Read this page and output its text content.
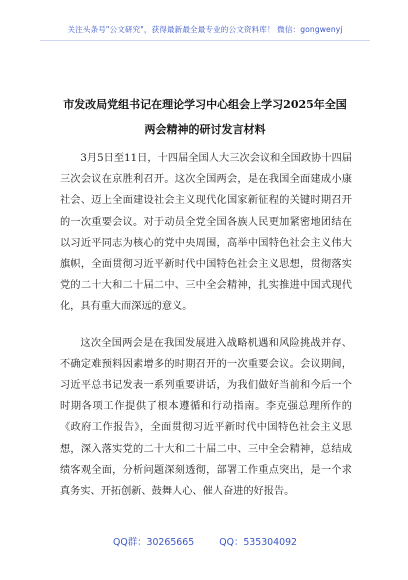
关注头条号"公文研究"，获得最新最全最专业的公文资料库！ 微信：gongwenyj
市发改局党组书记在理论学习中心组会上学习2025年全国
两会精神的研讨发言材料

3月5日至11日，十四届全国人大三次会议和全国政协十四届三次会议在京胜利召开。这次全国两会，是在我国全面建成小康社会、迈上全面建设社会主义现代化国家新征程的关键时期召开的一次重要会议。对于动员全党全国各族人民更加紧密地团结在以习近平同志为核心的党中央周围，高举中国特色社会主义伟大旗帜，全面贯彻习近平新时代中国特色社会主义思想，贯彻落实党的二十大和二十届二中、三中全会精神，扎实推进中国式现代化，具有重大而深远的意义。

这次全国两会是在我国发展进入战略机遇和风险挑战并存、不确定难预料因素增多的时期召开的一次重要会议。会议期间，习近平总书记发表一系列重要讲话，为我们做好当前和今后一个时期各项工作提供了根本遵循和行动指南。李克强总理所作的《政府工作报告》，全面贯彻习近平新时代中国特色社会主义思想，深入落实党的二十大和二十届二中、三中全会精神，总结成绩客观全面，分析问题深刻透彻，部署工作重点突出，是一个求真务实、开拓创新、鼓舞人心、催人奋进的好报告。

QQ群：30265665	QQ：535304092
